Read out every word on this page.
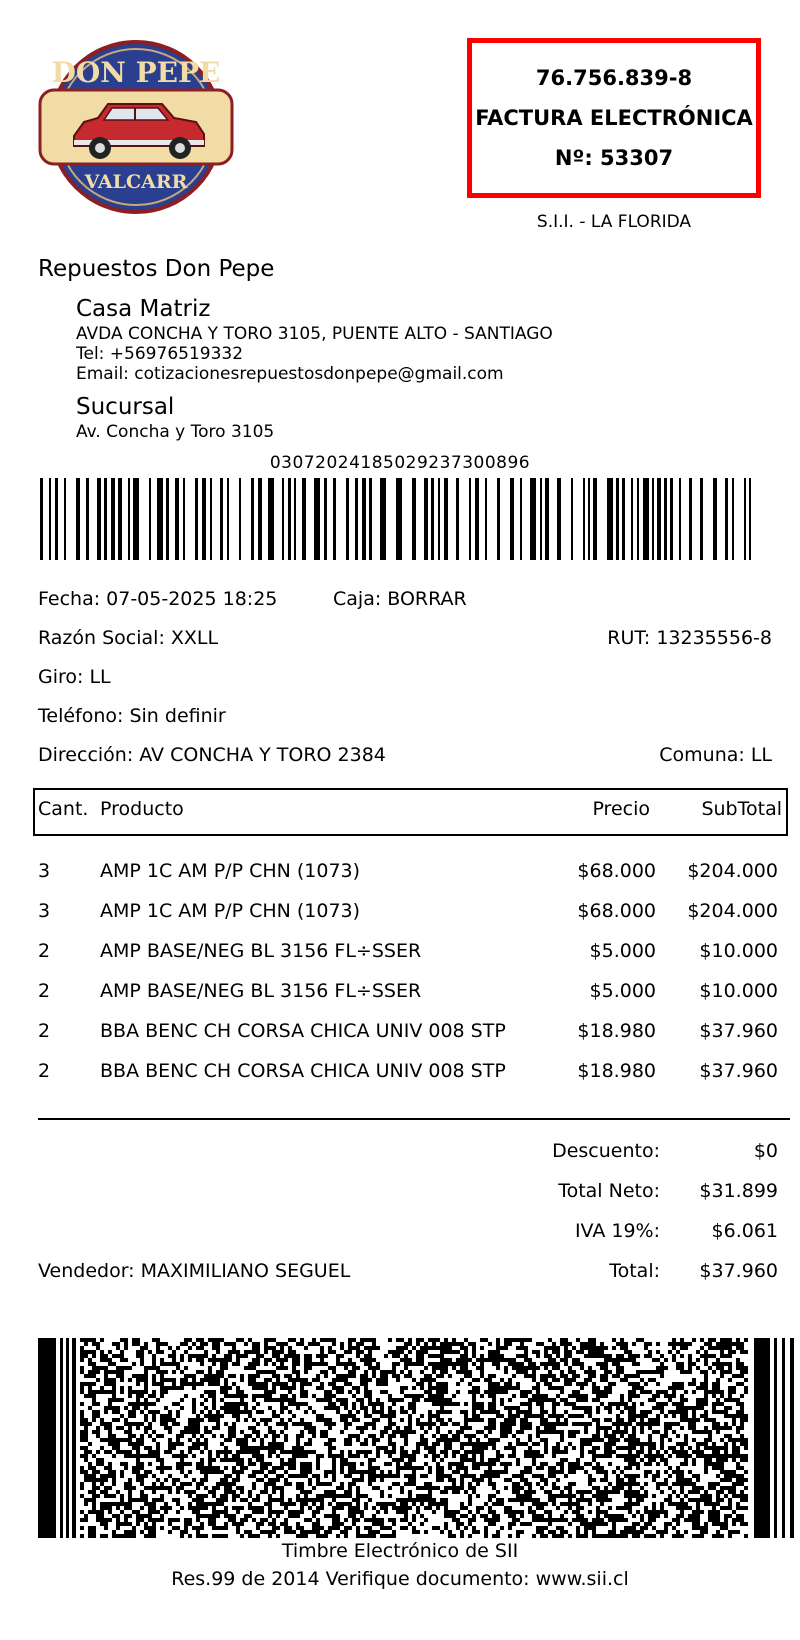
DON PEPE
VALCARR
76.756.839-8
FACTURA ELECTRÓNICA
Nº: 53307
S.I.I. - LA FLORIDA
Repuestos Don Pepe
Casa Matriz
AVDA CONCHA Y TORO 3105, PUENTE ALTO - SANTIAGO
Tel: +56976519332
Email: cotizacionesrepuestosdonpepe@gmail.com
Sucursal
Av. Concha y Toro 3105
0307202418502923730089​6
Fecha: 07-05-2025 18:25	Caja: BORRAR
Razón Social: XXLL	RUT: 13235556-8
Giro: LL
Teléfono: Sin definir
Dirección: AV CONCHA Y TORO 2384	Comuna: LL
Cant. Producto	Precio	SubTotal
3	AMP 1C AM P/P CHN (1073)	$68.000 $204.000
3	AMP 1C AM P/P CHN (1073)	$68.000 $204.000
2	AMP BASE/NEG BL 3156 FL÷SSER	$5.000 $10.000
2	AMP BASE/NEG BL 3156 FL÷SSER	$5.000 $10.000
2	BBA BENC CH CORSA CHICA UNIV 008 STP	$18.980 $37.960
2	BBA BENC CH CORSA CHICA UNIV 008 STP	$18.980 $37.960
Descuento:	$0
Total Neto: $31.899
IVA 19%:	$6.061
Vendedor: MAXIMILIANO SEGUEL	Total: $37.960
Timbre Electrónico de SII
Res.99 de 2014 Verifique documento: www.sii.cl
